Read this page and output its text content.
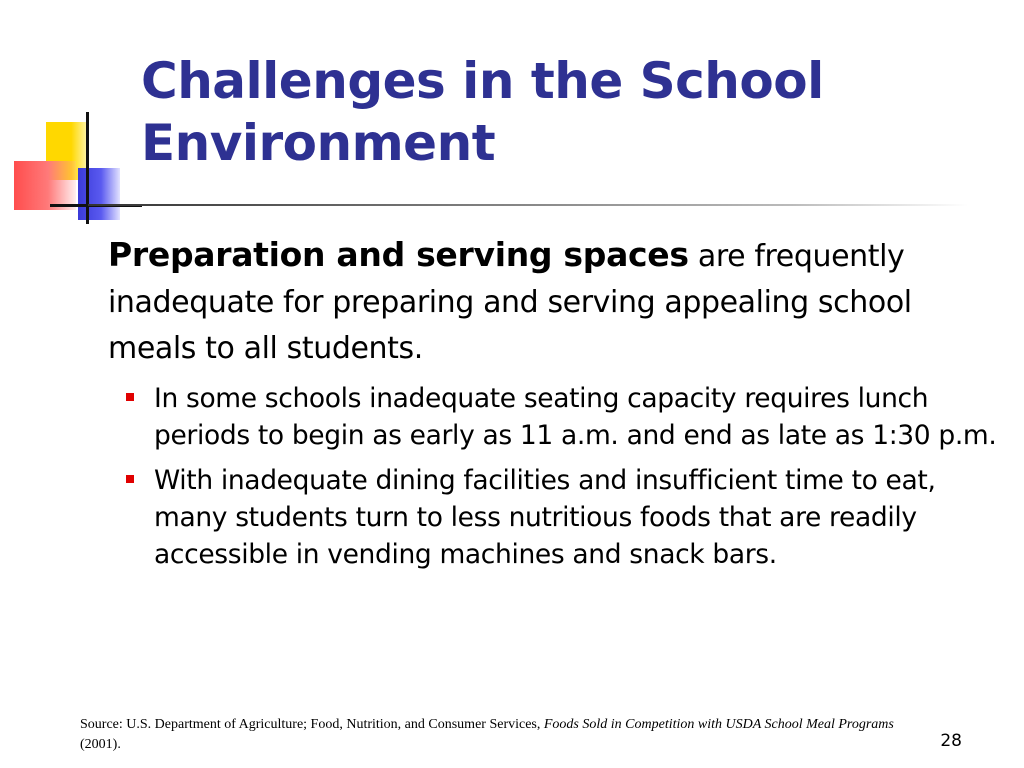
Challenges in the School
Environment

Preparation and serving spaces are frequently inadequate for preparing and serving appealing school meals to all students.

In some schools inadequate seating capacity requires lunch periods to begin as early as 11 a.m. and end as late as 1:30 p.m.
With inadequate dining facilities and insufficient time to eat, many students turn to less nutritious foods that are readily accessible in vending machines and snack bars.
Source: U.S. Department of Agriculture; Food, Nutrition, and Consumer Services, Foods Sold in Competition with USDA School Meal Programs (2001).	28
